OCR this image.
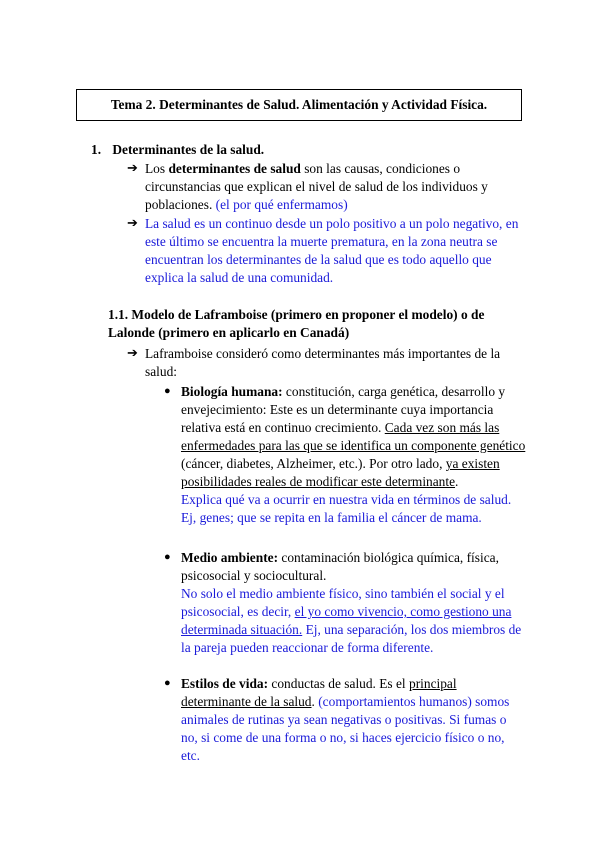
Tema 2. Determinantes de Salud. Alimentación y Actividad Física.
1. Determinantes de la salud.
➔ Los determinantes de salud son las causas, condiciones o circunstancias que explican el nivel de salud de los individuos y poblaciones. (el por qué enfermamos)
➔ La salud es un continuo desde un polo positivo a un polo negativo, en este último se encuentra la muerte prematura, en la zona neutra se encuentran los determinantes de la salud que es todo aquello que explica la salud de una comunidad.
1.1. Modelo de Laframboise (primero en proponer el modelo) o de Lalonde (primero en aplicarlo en Canadá)
➔ Laframboise consideró como determinantes más importantes de la salud:
● Biología humana: constitución, carga genética, desarrollo y envejecimiento: Este es un determinante cuya importancia relativa está en continuo crecimiento. Cada vez son más las enfermedades para las que se identifica un componente genético (cáncer, diabetes, Alzheimer, etc.). Por otro lado, ya existen posibilidades reales de modificar este determinante.

Explica qué va a ocurrir en nuestra vida en términos de salud. Ej, genes; que se repita en la familia el cáncer de mama.

● Medio ambiente: contaminación biológica química, física, psicosocial y sociocultural.

No solo el medio ambiente físico, sino también el social y el psicosocial, es decir, el yo como vivencio, como gestiono una determinada situación. Ej, una separación, los dos miembros de la pareja pueden reaccionar de forma diferente.

● Estilos de vida: conductas de salud. Es el principal determinante de la salud. (comportamientos humanos) somos animales de rutinas ya sean negativas o positivas. Si fumas o no, si come de una forma o no, si haces ejercicio físico o no, etc.
